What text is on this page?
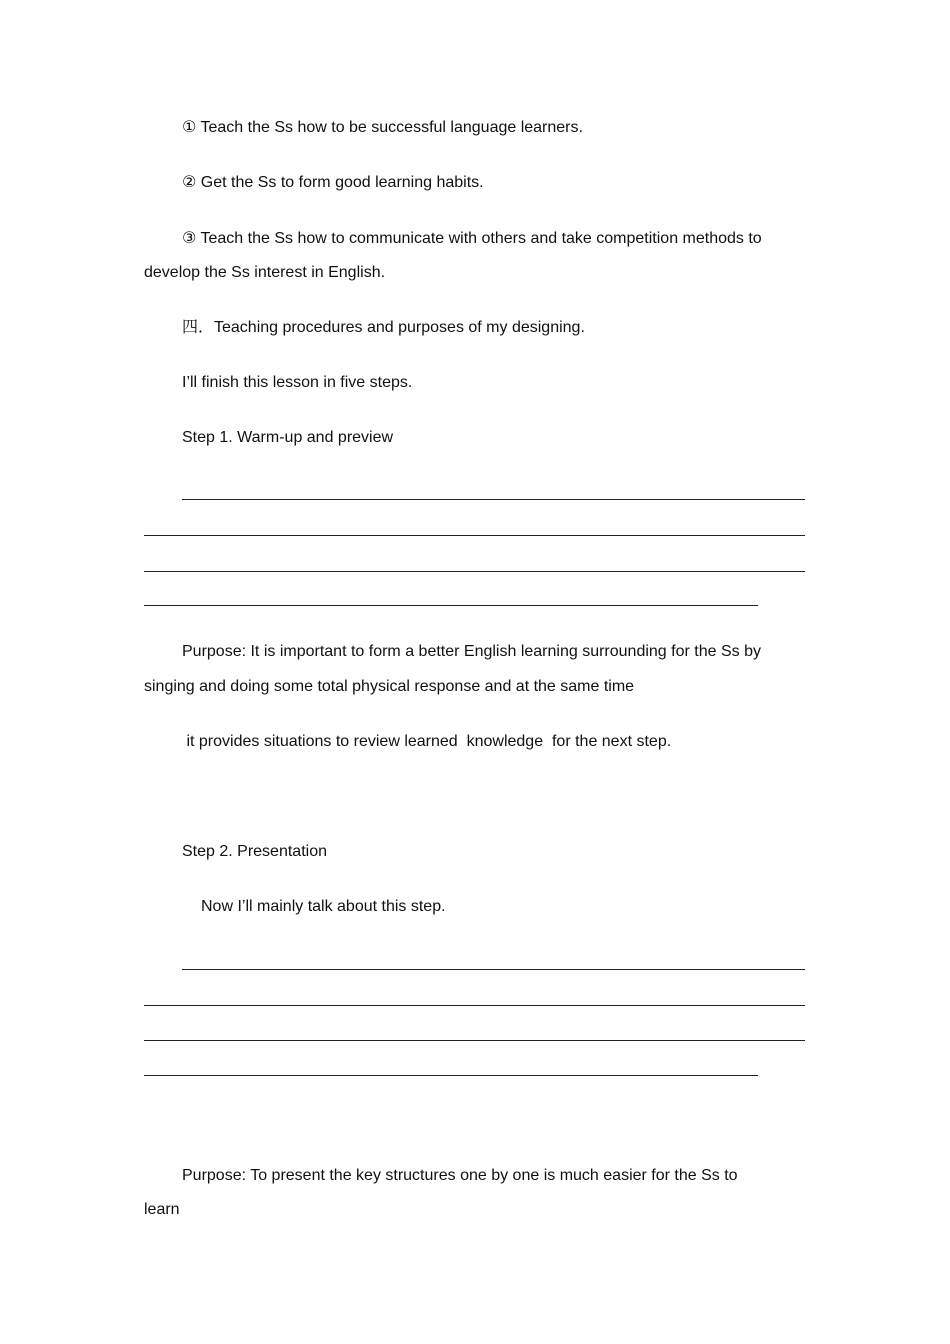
① Teach the Ss how to be successful language learners.
② Get the Ss to form good learning habits.
③ Teach the Ss how to communicate with others and take competition methods to
develop the Ss interest in English.
四．Teaching procedures and purposes of my designing.
I’ll finish this lesson in five steps.
Step 1. Warm-up and preview
Purpose: It is important to form a better English learning surrounding for the Ss by
singing and doing some total physical response and at the same time
it provides situations to review learned  knowledge  for the next step.
Step 2. Presentation
Now I’ll mainly talk about this step.
Purpose: To present the key structures one by one is much easier for the Ss to
learn
